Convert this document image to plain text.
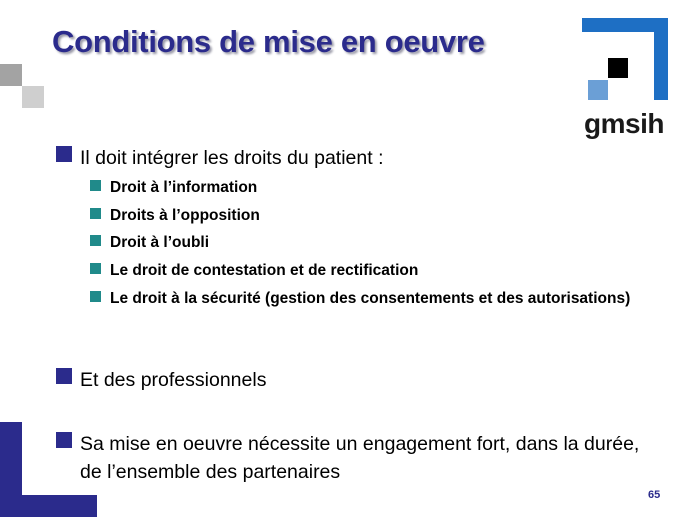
Conditions de mise en oeuvre
gmsih
Il doit intégrer les droits du patient :
Droit à l’information
Droits à l’opposition
Droit à l’oubli
Le droit de contestation et de rectification
Le droit à la sécurité (gestion des consentements et des autorisations)
Et des professionnels
Sa mise en oeuvre nécessite un engagement fort, dans la durée, de l’ensemble des partenaires
65
